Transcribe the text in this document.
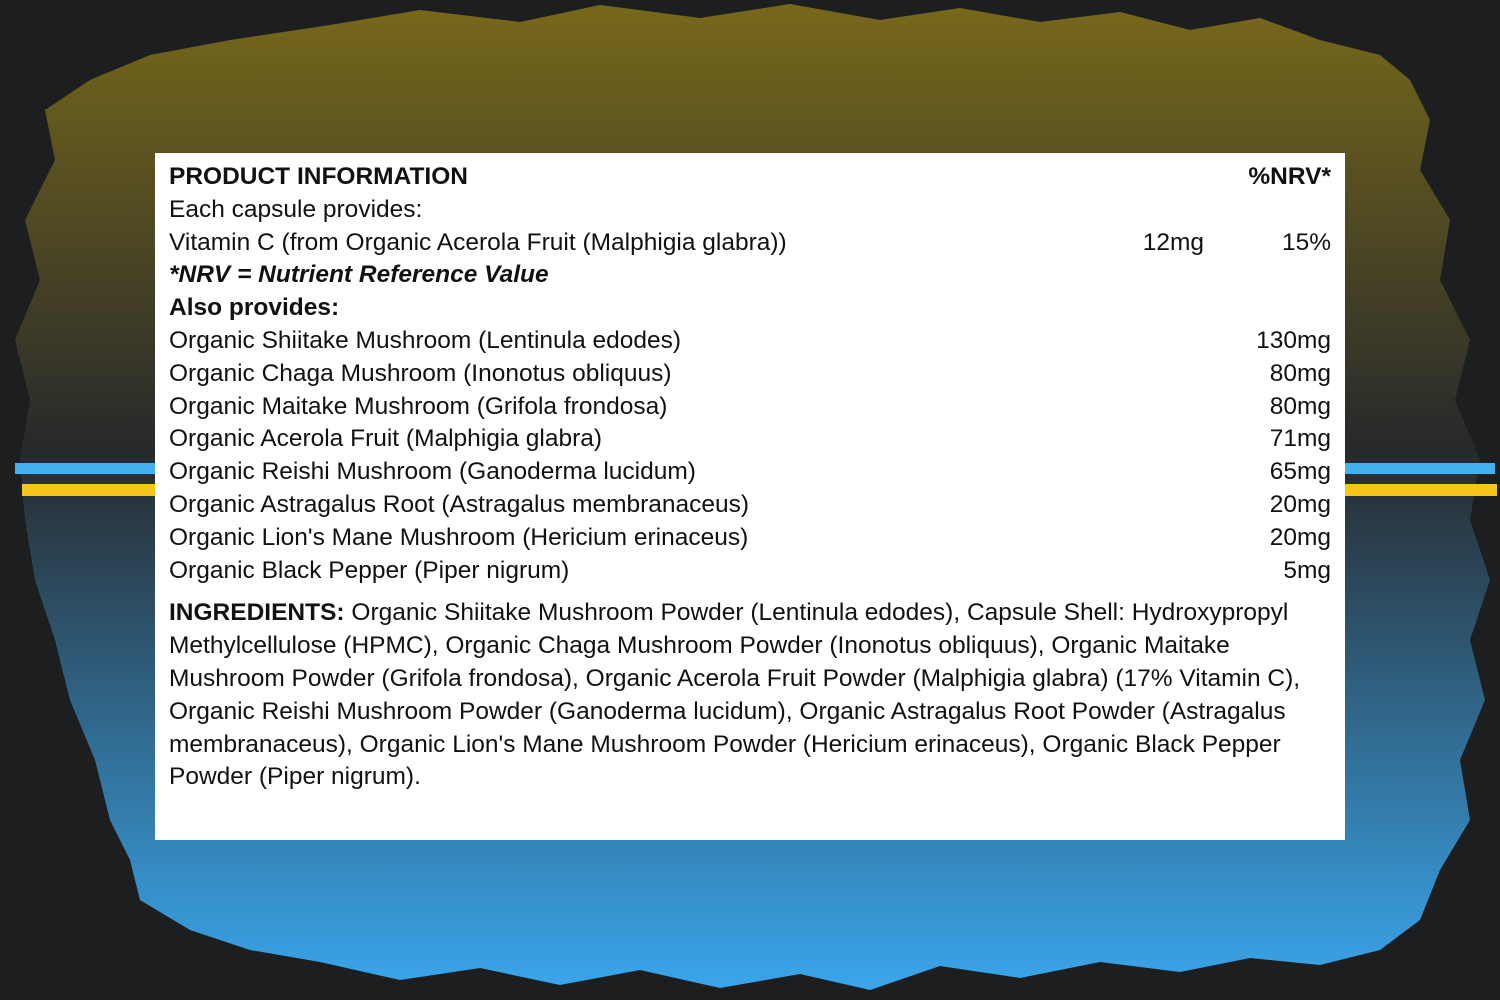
PRODUCT INFORMATION	%NRV*
Each capsule provides:
Vitamin C (from Organic Acerola Fruit (Malphigia glabra))	12mg	15%
*NRV = Nutrient Reference Value
Also provides:
Organic Shiitake Mushroom (Lentinula edodes)	130mg
Organic Chaga Mushroom (Inonotus obliquus)	80mg
Organic Maitake Mushroom (Grifola frondosa)	80mg
Organic Acerola Fruit (Malphigia glabra)	71mg
Organic Reishi Mushroom (Ganoderma lucidum)	65mg
Organic Astragalus Root (Astragalus membranaceus)	20mg
Organic Lion's Mane Mushroom (Hericium erinaceus)	20mg
Organic Black Pepper (Piper nigrum)	5mg
INGREDIENTS: Organic Shiitake Mushroom Powder (Lentinula edodes), Capsule Shell: Hydroxypropyl Methylcellulose (HPMC), Organic Chaga Mushroom Powder (Inonotus obliquus), Organic Maitake Mushroom Powder (Grifola frondosa), Organic Acerola Fruit Powder (Malphigia glabra) (17% Vitamin C), Organic Reishi Mushroom Powder (Ganoderma lucidum), Organic Astragalus Root Powder (Astragalus membranaceus), Organic Lion's Mane Mushroom Powder (Hericium erinaceus), Organic Black Pepper Powder (Piper nigrum).
